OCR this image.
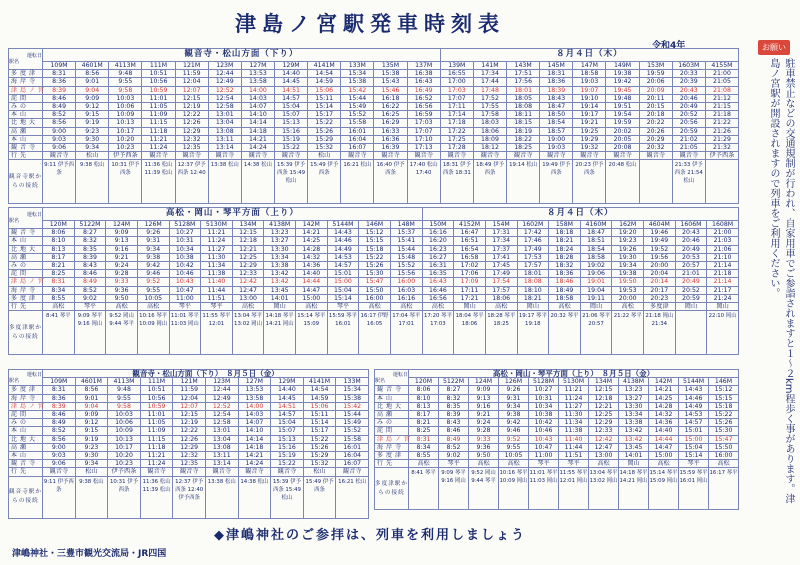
津島ノ宮駅発車時刻表
令和4年	お願い
駐車禁止などの交通規制が行われ、自家用車でご参詣されますと１〜２km程歩く事があります。津島ノ宮駅が開設されますので列車をご利用ください。
運転日
駅名	観音寺・松山方面（下り）												８月４日（木）								
	109M	4601M	4113M	111M	121M	123M	127M	129M	4141M	133M	135M	137M	139M	141M	143M	145M	147M	149M	153M	1603M	4155M
多度津	8:31	8:56	9:48	10:51	11:59	12:44	13:53	14:40	14:54	15:34	15:38	16:38	16:55	17:34	17:51	18:31	18:58	19:38	19:59	20:33	21:00
海岸寺	8:36	9:01	9:55	10:56	12:04	12:49	13:58	14:45	14:59	15:38	15:43	16:43	17:00	17:44	17:56	18:36	19:03	19:42	20:06	20:39	21:05
津島ノ宮	8:39	9:04	9:58	10:59	12:07	12:52	14:00	14:51	15:06	15:42	15:46	16:49	17:03	17:48	18:01	18:39	19:07	19:45	20:09	20:43	21:08
詫間	8:46	9:09	10:03	11:01	12:15	12:54	14:03	14:57	15:11	15:44	16:18	16:52	17:07	17:52	18:05	18:43	19:10	19:48	20:11	20:46	21:12
みの	8:49	9:12	10:06	11:05	12:19	12:58	14:07	15:04	15:14	15:49	16:22	16:56	17:11	17:55	18:08	18:47	19:14	19:51	20:15	20:49	21:15
本山	8:52	9:15	10:09	11:09	12:22	13:01	14:10	15:07	15:17	15:52	16:25	16:59	17:14	17:58	18:11	18:50	19:17	19:54	20:18	20:52	21:18
比地大	8:56	9:19	10:13	11:15	12:26	13:04	14:14	15:13	15:22	15:58	16:29	17:03	17:18	18:03	18:15	18:54	19:21	19:59	20:22	20:56	21:22
高瀬	9:00	9:23	10:17	11:18	12:29	13:08	14:18	15:16	15:26	16:01	16:33	17:07	17:22	18:06	18:19	18:57	19:25	20:02	20:26	20:59	21:26
本山	9:03	9:30	10:20	11:21	12:32	13:11	14:21	15:19	15:29	16:04	16:36	17:10	17:25	18:09	18:22	19:00	19:29	20:05	20:29	21:02	21:29
観音寺	9:06	9:34	10:23	11:24	12:35	13:14	14:24	15:22	15:32	16:07	16:39	17:13	17:28	18:12	18:25	19:03	19:32	20:08	20:32	21:05	21:32
行先	観音寺	松山	伊予西条	観音寺	観音寺	観音寺	観音寺	観音寺	松山	観音寺	観音寺	観音寺	観音寺	観音寺	観音寺	観音寺	観音寺	観音寺	観音寺	観音寺	伊予西条
観音寺駅からの接続	9:11 伊予西条	9:38 松山	10:31 伊予西条	11:36 松山 11:39 松山	12:37 伊予西条 12:40	13:38 松山	14:38 松山	15:39 伊予西条 15:49 松山	15:49 伊予西条	16:21 松山	16:40 伊予西条	17:40 松山 17:40	18:31 伊予西条 18:31	18:49 伊予西条	19:14 松山	19:49 伊予西条	20:23 伊予西条	20:48 松山		21:33 伊予西条 21:54 松山	
運転日
駅名	高松・岡山・琴平方面（上り）												８月４日（木）									
	120M	5122M	124M	126M	5128M	5130M	134M	4138M	142M	5144M	146M	148M	150M	4152M	154M	1602M	158M	4160M	162M	4604M	1606M	1608M
観音寺	8:06	8:27	9:09	9:26	10:27	11:21	12:15	13:23	14:21	14:43	15:12	15:37	16:16	16:47	17:31	17:42	18:18	18:47	19:20	19:46	20:43	21:00
本山	8:10	8:32	9:13	9:31	10:31	11:24	12:18	13:27	14:25	14:46	15:15	15:41	16:20	16:51	17:34	17:46	18:21	18:51	19:23	19:49	20:46	21:03
比地大	8:13	8:35	9:16	9:34	10:34	11:27	12:21	13:30	14:28	14:49	15:18	15:44	16:23	16:54	17:37	17:49	18:24	18:54	19:26	19:52	20:49	21:06
高瀬	8:17	8:39	9:21	9:38	10:38	11:30	12:25	13:34	14:32	14:53	15:22	15:48	16:27	16:58	17:41	17:53	18:28	18:58	19:30	19:56	20:53	21:10
みの	8:21	8:43	9:24	9:42	10:42	11:34	12:29	13:38	14:36	14:57	15:26	15:52	16:31	17:02	17:45	17:57	18:32	19:02	19:34	20:00	20:57	21:14
詫間	8:25	8:46	9:28	9:46	10:46	11:38	12:33	13:42	14:40	15:01	15:30	15:56	16:35	17:06	17:49	18:01	18:36	19:06	19:38	20:04	21:01	21:18
津島ノ宮	8:31	8:49	9:33	9:52	10:43	11:40	12:42	13:42	14:44	15:00	15:47	16:00	16:43	17:09	17:54	18:08	18:46	19:01	19:50	20:14	20:49	21:14
海岸寺	8:34	8:52	9:36	9:55	10:47	11:44	12:47	13:45	14:47	15:04	15:50	16:03	16:46	17:11	17:57	18:10	18:49	19:04	19:53	20:17	20:52	21:17
多度津	8:55	9:02	9:50	10:05	11:00	11:51	13:00	14:01	15:00	15:14	16:00	16:16	16:56	17:21	18:06	18:21	18:58	19:11	20:00	20:23	20:59	21:24
行先	高松	琴平	高松	高松	琴平	琴平	高松	岡山	高松	琴平	高松	高松	高松	岡山	高松	岡山	高松	岡山	高松	多度津	岡山	岡山
多度津駅からの接続	8:41 琴平	9:09 琴平 9:16 岡山	9:52 岡山 9:44 琴平	10:16 琴平 10:09 岡山	11:01 琴平 11:03 岡山	11:55 琴平 12:01	13:04 琴平 13:02 岡山	14:18 琴平 14:21 岡山	15:14 琴平 15:09	15:59 琴平 16:01	16:17 伊野 16:05	17:04 琴平 17:01	17:20 琴平 17:03	18:04 琴平 18:06	18:28 琴平 18:25	19:17 琴平 19:18	20:32 琴平	21:06 琴平 20:57	21:22 琴平	21:18 岡山 21:34		22:10 岡山
運転日
駅名	観音寺・松山方面（下り）　８月５日（金）									
	109M	4601M	4113M	111M	121M	123M	127M	129M	4141M	133M
多度津	8:31	8:56	9:48	10:51	11:59	12:44	13:53	14:40	14:54	15:34
海岸寺	8:36	9:01	9:55	10:56	12:04	12:49	13:58	14:45	14:59	15:38
津島ノ宮	8:39	9:04	9:58	10:59	12:07	12:52	14:00	14:51	15:06	15:42
詫間	8:46	9:09	10:03	11:01	12:15	12:54	14:03	14:57	15:11	15:44
みの	8:49	9:12	10:06	11:05	12:19	12:58	14:07	15:04	15:14	15:49
本山	8:52	9:15	10:09	11:09	12:22	13:01	14:10	15:07	15:17	15:52
比地大	8:56	9:19	10:13	11:15	12:26	13:04	14:14	15:13	15:22	15:58
高瀬	9:00	9:23	10:17	11:18	12:29	13:08	14:18	15:16	15:26	16:01
本山	9:03	9:30	10:20	11:21	12:32	13:11	14:21	15:19	15:29	16:04
観音寺	9:06	9:34	10:23	11:24	12:35	13:14	14:24	15:22	15:32	16:07
行先	観音寺	松山	伊予西条	観音寺	観音寺	観音寺	観音寺	観音寺	松山	観音寺
観音寺駅からの接続	9:11 伊予西条	9:38 松山	10:31 伊予西条	11:36 松山 11:39 松山	12:37 伊予西条 12:40 伊予西条	13:38 松山	14:38 松山	15:39 伊予西条 15:49 松山	15:49 伊予西条	16:21 松山
運転日
駅名	高松・岡山・琴平方面（上り）　８月５日（金）										
	120M	5122M	124M	126M	5128M	5130M	134M	4138M	142M	5144M	146M
観音寺	8:06	8:27	9:09	9:26	10:27	11:21	12:15	13:23	14:21	14:43	15:12
本山	8:10	8:32	9:13	9:31	10:31	11:24	12:18	13:27	14:25	14:46	15:15
比地大	8:13	8:35	9:16	9:34	10:34	11:27	12:21	13:30	14:28	14:49	15:18
高瀬	8:17	8:39	9:21	9:38	10:38	11:30	12:25	13:34	14:32	14:53	15:22
みの	8:21	8:43	9:24	9:42	10:42	11:34	12:29	13:38	14:36	14:57	15:26
詫間	8:25	8:46	9:28	9:46	10:46	11:38	12:33	13:42	14:40	15:01	15:30
津島ノ宮	8:31	8:49	9:33	9:52	10:43	11:40	12:42	13:42	14:44	15:00	15:47
海岸寺	8:34	8:52	9:36	9:55	10:47	11:44	12:47	13:45	14:47	15:04	15:50
多度津	8:55	9:02	9:50	10:05	11:00	11:51	13:00	14:01	15:00	15:14	16:00
行先	高松	琴平	高松	高松	琴平	琴平	高松	岡山	高松	琴平	高松
多度津駅からの接続	8:41 琴平	9:09 琴平 9:16 岡山	9:52 岡山 9:44 琴平	10:16 琴平 10:09 岡山	11:01 琴平 11:03 岡山	11:55 琴平 12:01 岡山	13:04 琴平 13:02 岡山	14:18 琴平 14:21 岡山	15:14 琴平 15:09 岡山	15:59 琴平 16:01 岡山	16:17 琴平
◆津嶋神社のご参拝は、列車を利用しましょう
津嶋神社・三豊市観光交流局・JR四国
